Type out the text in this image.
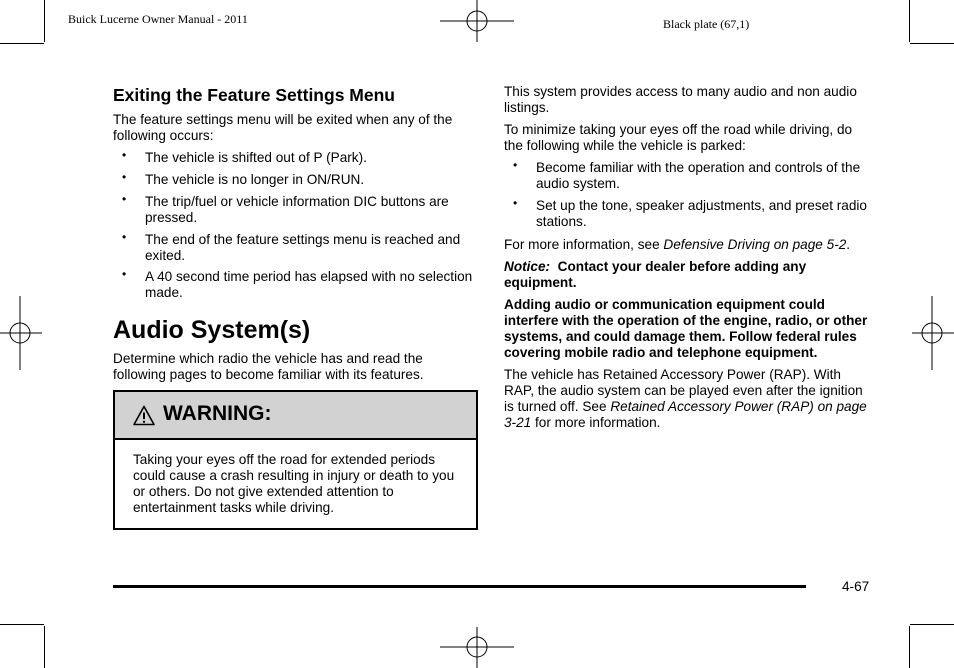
Buick Lucerne Owner Manual - 2011	Black plate (67,1)
Exiting the Feature Settings Menu

The feature settings menu will be exited when any of the following occurs:

• The vehicle is shifted out of P (Park).
• The vehicle is no longer in ON/RUN.
• The trip/fuel or vehicle information DIC buttons are pressed.
• The end of the feature settings menu is reached and exited.
• A 40 second time period has elapsed with no selection made.
Audio System(s)

Determine which radio the vehicle has and read the following pages to become familiar with its features.

WARNING:

Taking your eyes off the road for extended periods could cause a crash resulting in injury or death to you or others. Do not give extended attention to entertainment tasks while driving.

This system provides access to many audio and non audio listings.

To minimize taking your eyes off the road while driving, do the following while the vehicle is parked:

• Become familiar with the operation and controls of the audio system.
• Set up the tone, speaker adjustments, and preset radio stations.

For more information, see Defensive Driving on page 5-2.

Notice: Contact your dealer before adding any equipment.

Adding audio or communication equipment could interfere with the operation of the engine, radio, or other systems, and could damage them. Follow federal rules covering mobile radio and telephone equipment.

The vehicle has Retained Accessory Power (RAP). With RAP, the audio system can be played even after the ignition is turned off. See Retained Accessory Power (RAP) on page 3-21 for more information.

4-67
